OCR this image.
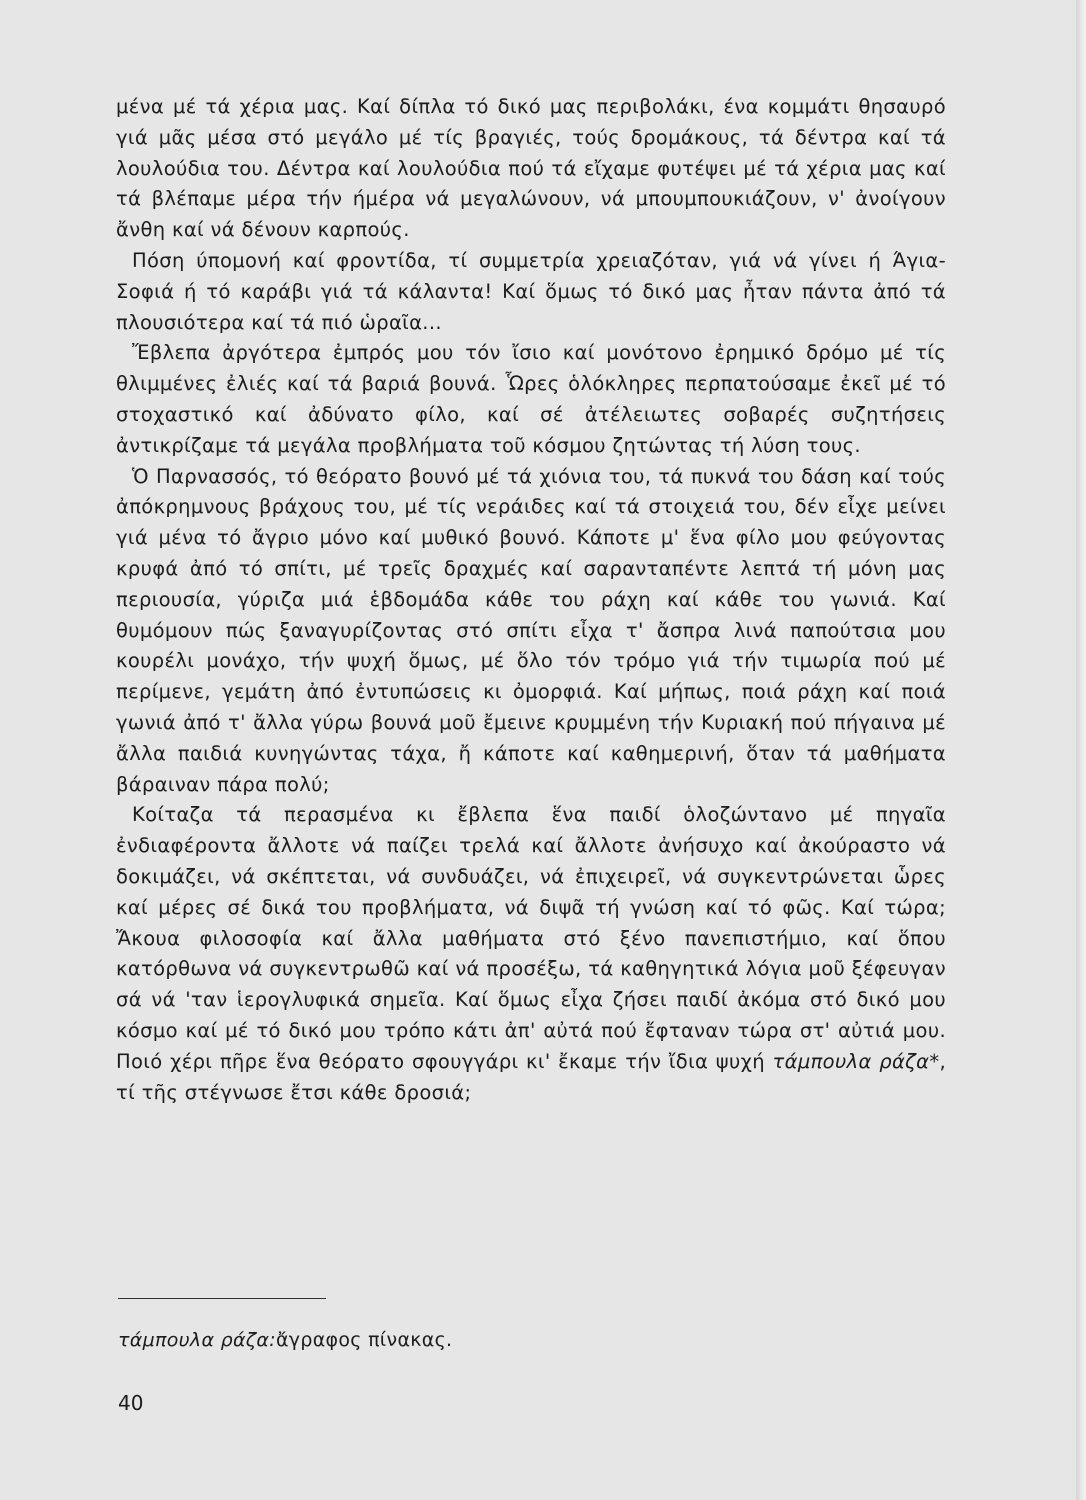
μένα μέ τά χέρια μας. Καί δίπλα τό δικό μας περιβολάκι, ένα κομμάτι θησαυρό γιά μᾶς μέσα στό μεγάλο μέ τίς βραγιές, τούς δρομάκους, τά δέντρα καί τά λουλούδια του. Δέντρα καί λουλούδια πού τά εἴχαμε φυτέψει μέ τά χέρια μας καί τά βλέπαμε μέρα τήν ήμέρα νά μεγαλώνουν, νά μπουμπουκιάζουν, ν' ἀνοίγουν ἄνθη καί νά δένουν καρπούς.

Πόση ύπομονή καί φροντίδα, τί συμμετρία χρειαζόταν, γιά νά γίνει ή Άγια-Σοφιά ή τό καράβι γιά τά κάλαντα! Καί ὅμως τό δικό μας ἦταν πάντα ἀπό τά πλουσιότερα καί τά πιό ὡραῖα...

Ἔβλεπα ἀργότερα ἐμπρός μου τόν ἴσιο καί μονότονο ἐρημικό δρόμο μέ τίς θλιμμένες ἐλιές καί τά βαριά βουνά. Ὧρες ὁλόκληρες περπατούσαμε ἐκεῖ μέ τό στοχαστικό καί ἀδύνατο φίλο, καί σέ ἀτέλειωτες σοβαρές συζητήσεις ἀντικρίζαμε τά μεγάλα προβλήματα τοῦ κόσμου ζητώντας τή λύση τους.

Ὁ Παρνασσός, τό θεόρατο βουνό μέ τά χιόνια του, τά πυκνά του δάση καί τούς ἀπόκρημνους βράχους του, μέ τίς νεράιδες καί τά στοιχειά του, δέν εἶχε μείνει γιά μένα τό ἄγριο μόνο καί μυθικό βουνό. Κάποτε μ' ἕνα φίλο μου φεύγοντας κρυφά ἀπό τό σπίτι, μέ τρεῖς δραχμές καί σαρανταπέντε λεπτά τή μόνη μας περιουσία, γύριζα μιά ἑβδομάδα κάθε του ράχη καί κάθε του γωνιά. Καί θυμόμουν πώς ξαναγυρίζοντας στό σπίτι εἶχα τ' ἄσπρα λινά παπούτσια μου κουρέλι μονάχο, τήν ψυχή ὅμως, μέ ὅλο τόν τρόμο γιά τήν τιμωρία πού μέ περίμενε, γεμάτη ἀπό ἐντυπώσεις κι ὀμορφιά. Καί μήπως, ποιά ράχη καί ποιά γωνιά ἀπό τ' ἄλλα γύρω βουνά μοῦ ἔμεινε κρυμμένη τήν Κυριακή πού πήγαινα μέ ἄλλα παιδιά κυνηγώντας τάχα, ἤ κάποτε καί καθημερινή, ὅταν τά μαθήματα βάραιναν πάρα πολύ;

Κοίταζα τά περασμένα κι ἔβλεπα ἕνα παιδί ὁλοζώντανο μέ πηγαῖα ἐνδιαφέροντα ἄλλοτε νά παίζει τρελά καί ἄλλοτε ἀνήσυχο καί ἀκούραστο νά δοκιμάζει, νά σκέπτεται, νά συνδυάζει, νά ἐπιχειρεῖ, νά συγκεντρώνεται ὧρες καί μέρες σέ δικά του προβλήματα, νά διψᾶ τή γνώση καί τό φῶς. Καί τώρα; Ἄκουα φιλοσοφία καί ἄλλα μαθήματα στό ξένο πανεπιστήμιο, καί ὅπου κατόρθωνα νά συγκεντρωθῶ καί νά προσέξω, τά καθηγητικά λόγια μοῦ ξέφευγαν σά νά 'ταν ἱερογλυφικά σημεῖα. Καί ὅμως εἶχα ζήσει παιδί ἀκόμα στό δικό μου κόσμο καί μέ τό δικό μου τρόπο κάτι ἀπ' αὐτά πού ἔφταναν τώρα στ' αὐτιά μου. Ποιό χέρι πῆρε ἕνα θεόρατο σφουγγάρι κι' ἔκαμε τήν ἴδια ψυχή τάμπουλα ράζα*, τί τῆς στέγνωσε ἔτσι κάθε δροσιά;

τάμπουλα ράζα:ἄγραφος πίνακας.
40
